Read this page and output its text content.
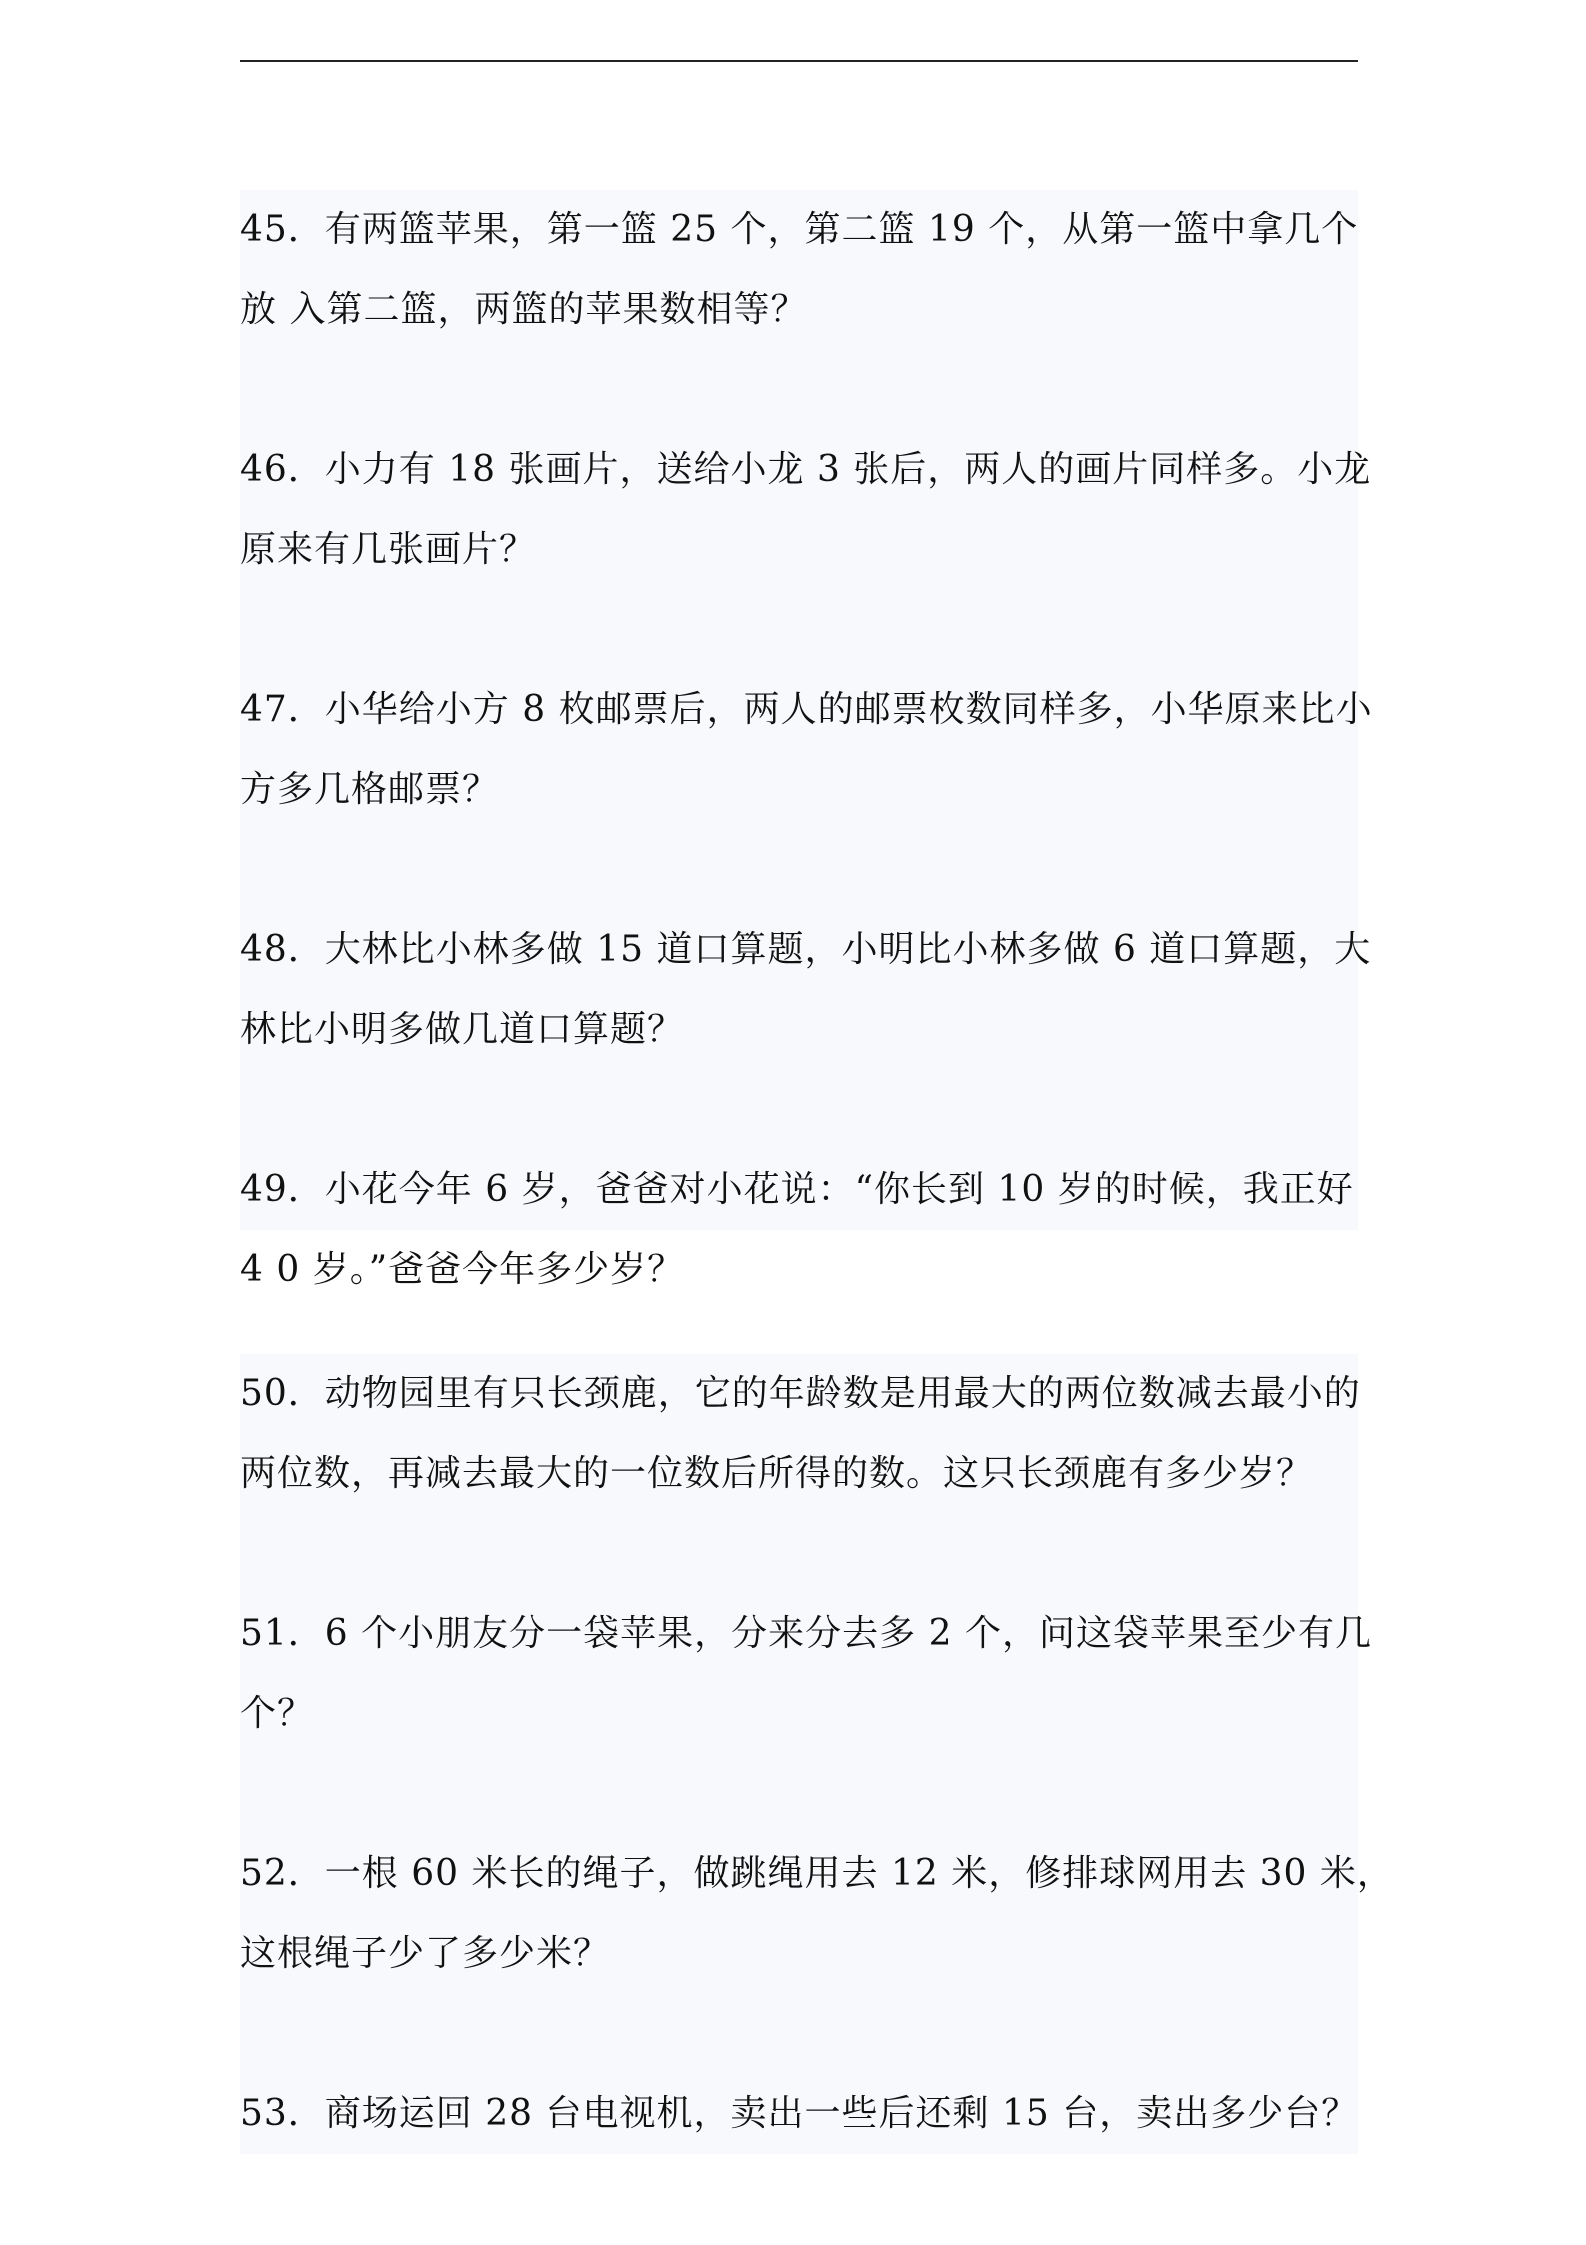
45．有两篮苹果，第一篮 25 个，第二篮 19 个，从第一篮中拿几个
放 入第二篮，两篮的苹果数相等？
46．小力有 18 张画片，送给小龙 3 张后，两人的画片同样多。小龙
原来有几张画片？
47．小华给小方 8 枚邮票后，两人的邮票枚数同样多，小华原来比小
方多几格邮票？
48．大林比小林多做 15 道口算题，小明比小林多做 6 道口算题，大
林比小明多做几道口算题？
49．小花今年 6 岁，爸爸对小花说：“你长到 10 岁的时候，我正好
4 0 岁。”爸爸今年多少岁？
50．动物园里有只长颈鹿，它的年龄数是用最大的两位数减去最小的
两位数，再减去最大的一位数后所得的数。这只长颈鹿有多少岁？
51．6 个小朋友分一袋苹果，分来分去多 2 个，问这袋苹果至少有几
个？
52．一根 60 米长的绳子，做跳绳用去 12 米，修排球网用去 30 米，
这根绳子少了多少米？
53．商场运回 28 台电视机，卖出一些后还剩 15 台，卖出多少台？
